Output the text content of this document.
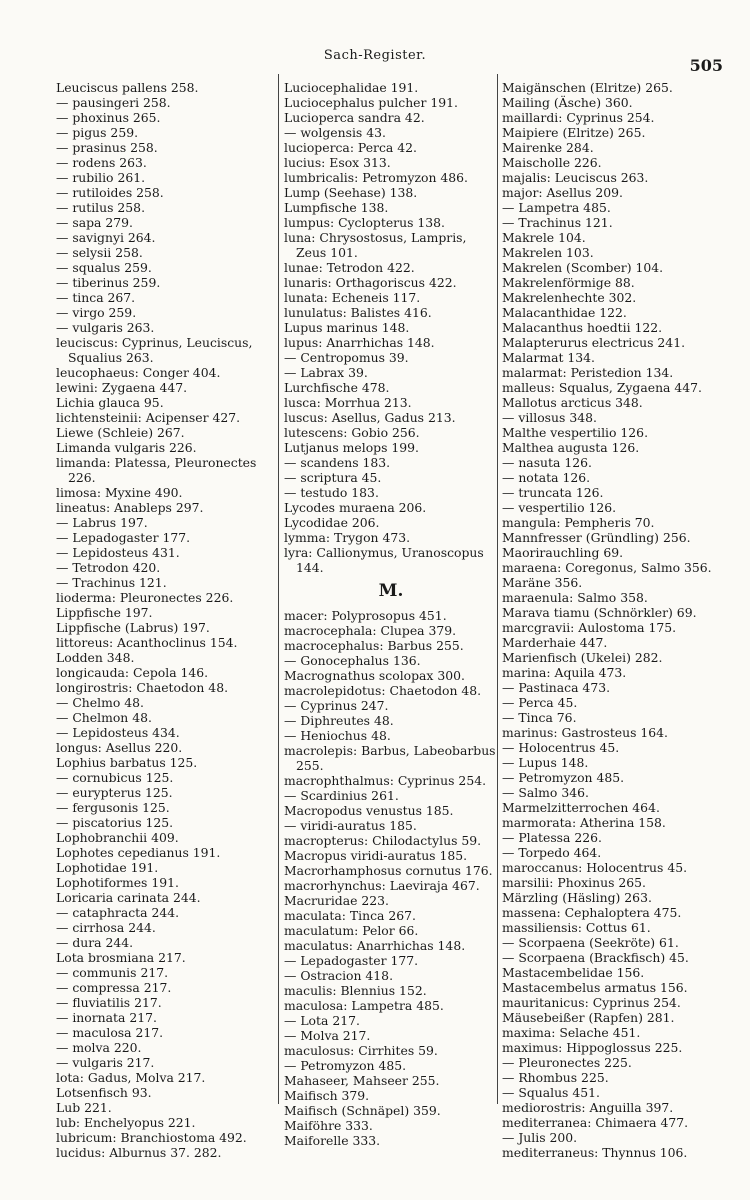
Sach-Register.
505
Leuciscus pallens 258.
— pausingeri 258.
— phoxinus 265.
— pigus 259.
— prasinus 258.
— rodens 263.
— rubilio 261.
— rutiloides 258.
— rutilus 258.
— sapa 279.
— savignyi 264.
— selysii 258.
— squalus 259.
— tiberinus 259.
— tinca 267.
— virgo 259.
— vulgaris 263.
leuciscus: Cyprinus, Leuciscus, Squalius 263.
leucophaeus: Conger 404.
lewini: Zygaena 447.
Lichia glauca 95.
lichtensteinii: Acipenser 427.
Liewe (Schleie) 267.
Limanda vulgaris 226.
limanda: Platessa, Pleuronectes 226.
limosa: Myxine 490.
lineatus: Anableps 297.
— Labrus 197.
— Lepadogaster 177.
— Lepidosteus 431.
— Tetrodon 420.
— Trachinus 121.
lioderma: Pleuronectes 226.
Lippfische 197.
Lippfische (Labrus) 197.
littoreus: Acanthoclinus 154.
Lodden 348.
longicauda: Cepola 146.
longirostris: Chaetodon 48.
— Chelmo 48.
— Chelmon 48.
— Lepidosteus 434.
longus: Asellus 220.
Lophius barbatus 125.
— cornubicus 125.
— eurypterus 125.
— fergusonis 125.
— piscatorius 125.
Lophobranchii 409.
Lophotes cepedianus 191.
Lophotidae 191.
Lophotiformes 191.
Loricaria carinata 244.
— cataphracta 244.
— cirrhosa 244.
— dura 244.
Lota brosmiana 217.
— communis 217.
— compressa 217.
— fluviatilis 217.
— inornata 217.
— maculosa 217.
— molva 220.
— vulgaris 217.
lota: Gadus, Molva 217.
Lotsenfisch 93.
Lub 221.
lub: Enchelyopus 221.
lubricum: Branchiostoma 492.
lucidus: Alburnus 37. 282.
Luciocephalidae 191.
Luciocephalus pulcher 191.
Lucioperca sandra 42.
— wolgensis 43.
lucioperca: Perca 42.
lucius: Esox 313.
lumbricalis: Petromyzon 486.
Lump (Seehase) 138.
Lumpfische 138.
lumpus: Cyclopterus 138.
luna: Chrysostosus, Lampris, Zeus 101.
lunae: Tetrodon 422.
lunaris: Orthagoriscus 422.
lunata: Echeneis 117.
lunulatus: Balistes 416.
Lupus marinus 148.
lupus: Anarrhichas 148.
— Centropomus 39.
— Labrax 39.
Lurchfische 478.
lusca: Morrhua 213.
luscus: Asellus, Gadus 213.
lutescens: Gobio 256.
Lutjanus melops 199.
— scandens 183.
— scriptura 45.
— testudo 183.
Lycodes muraena 206.
Lycodidae 206.
lymma: Trygon 473.
lyra: Callionymus, Uranoscopus 144.
M.
macer: Polyprosopus 451.
macrocephala: Clupea 379.
macrocephalus: Barbus 255.
— Gonocephalus 136.
Macrognathus scolopax 300.
macrolepidotus: Chaetodon 48.
— Cyprinus 247.
— Diphreutes 48.
— Heniochus 48.
macrolepis: Barbus, Labeobarbus 255.
macrophthalmus: Cyprinus 254.
— Scardinius 261.
Macropodus venustus 185.
— viridi-auratus 185.
macropterus: Chilodactylus 59.
Macropus viridi-auratus 185.
Macrorhamphosus cornutus 176.
macrorhynchus: Laeviraja 467.
Macruridae 223.
maculata: Tinca 267.
maculatum: Pelor 66.
maculatus: Anarrhichas 148.
— Lepadogaster 177.
— Ostracion 418.
maculis: Blennius 152.
maculosa: Lampetra 485.
— Lota 217.
— Molva 217.
maculosus: Cirrhites 59.
— Petromyzon 485.
Mahaseer, Mahseer 255.
Maifisch 379.
Maifisch (Schnäpel) 359.
Maiföhre 333.
Maiforelle 333.
Maigänschen (Elritze) 265.
Mailing (Äsche) 360.
maillardi: Cyprinus 254.
Maipiere (Elritze) 265.
Mairenke 284.
Maischolle 226.
majalis: Leuciscus 263.
major: Asellus 209.
— Lampetra 485.
— Trachinus 121.
Makrele 104.
Makrelen 103.
Makrelen (Scomber) 104.
Makrelenförmige 88.
Makrelenhechte 302.
Malacanthidae 122.
Malacanthus hoedtii 122.
Malapterurus electricus 241.
Malarmat 134.
malarmat: Peristedion 134.
malleus: Squalus, Zygaena 447.
Mallotus arcticus 348.
— villosus 348.
Malthe vespertilio 126.
Malthea augusta 126.
— nasuta 126.
— notata 126.
— truncata 126.
— vespertilio 126.
mangula: Pempheris 70.
Mannfresser (Gründling) 256.
Maorirauchling 69.
maraena: Coregonus, Salmo 356.
Maräne 356.
maraenula: Salmo 358.
Marava tiamu (Schnörkler) 69.
marcgravii: Aulostoma 175.
Marderhaie 447.
Marienfisch (Ukelei) 282.
marina: Aquila 473.
— Pastinaca 473.
— Perca 45.
— Tinca 76.
marinus: Gastrosteus 164.
— Holocentrus 45.
— Lupus 148.
— Petromyzon 485.
— Salmo 346.
Marmelzitterrochen 464.
marmorata: Atherina 158.
— Platessa 226.
— Torpedo 464.
maroccanus: Holocentrus 45.
marsilii: Phoxinus 265.
Märzling (Häsling) 263.
massena: Cephaloptera 475.
massiliensis: Cottus 61.
— Scorpaena (Seekröte) 61.
— Scorpaena (Brackfisch) 45.
Mastacembelidae 156.
Mastacembelus armatus 156.
mauritanicus: Cyprinus 254.
Mäusebeißer (Rapfen) 281.
maxima: Selache 451.
maximus: Hippoglossus 225.
— Pleuronectes 225.
— Rhombus 225.
— Squalus 451.
mediorostris: Anguilla 397.
mediterranea: Chimaera 477.
— Julis 200.
mediterraneus: Thynnus 106.
